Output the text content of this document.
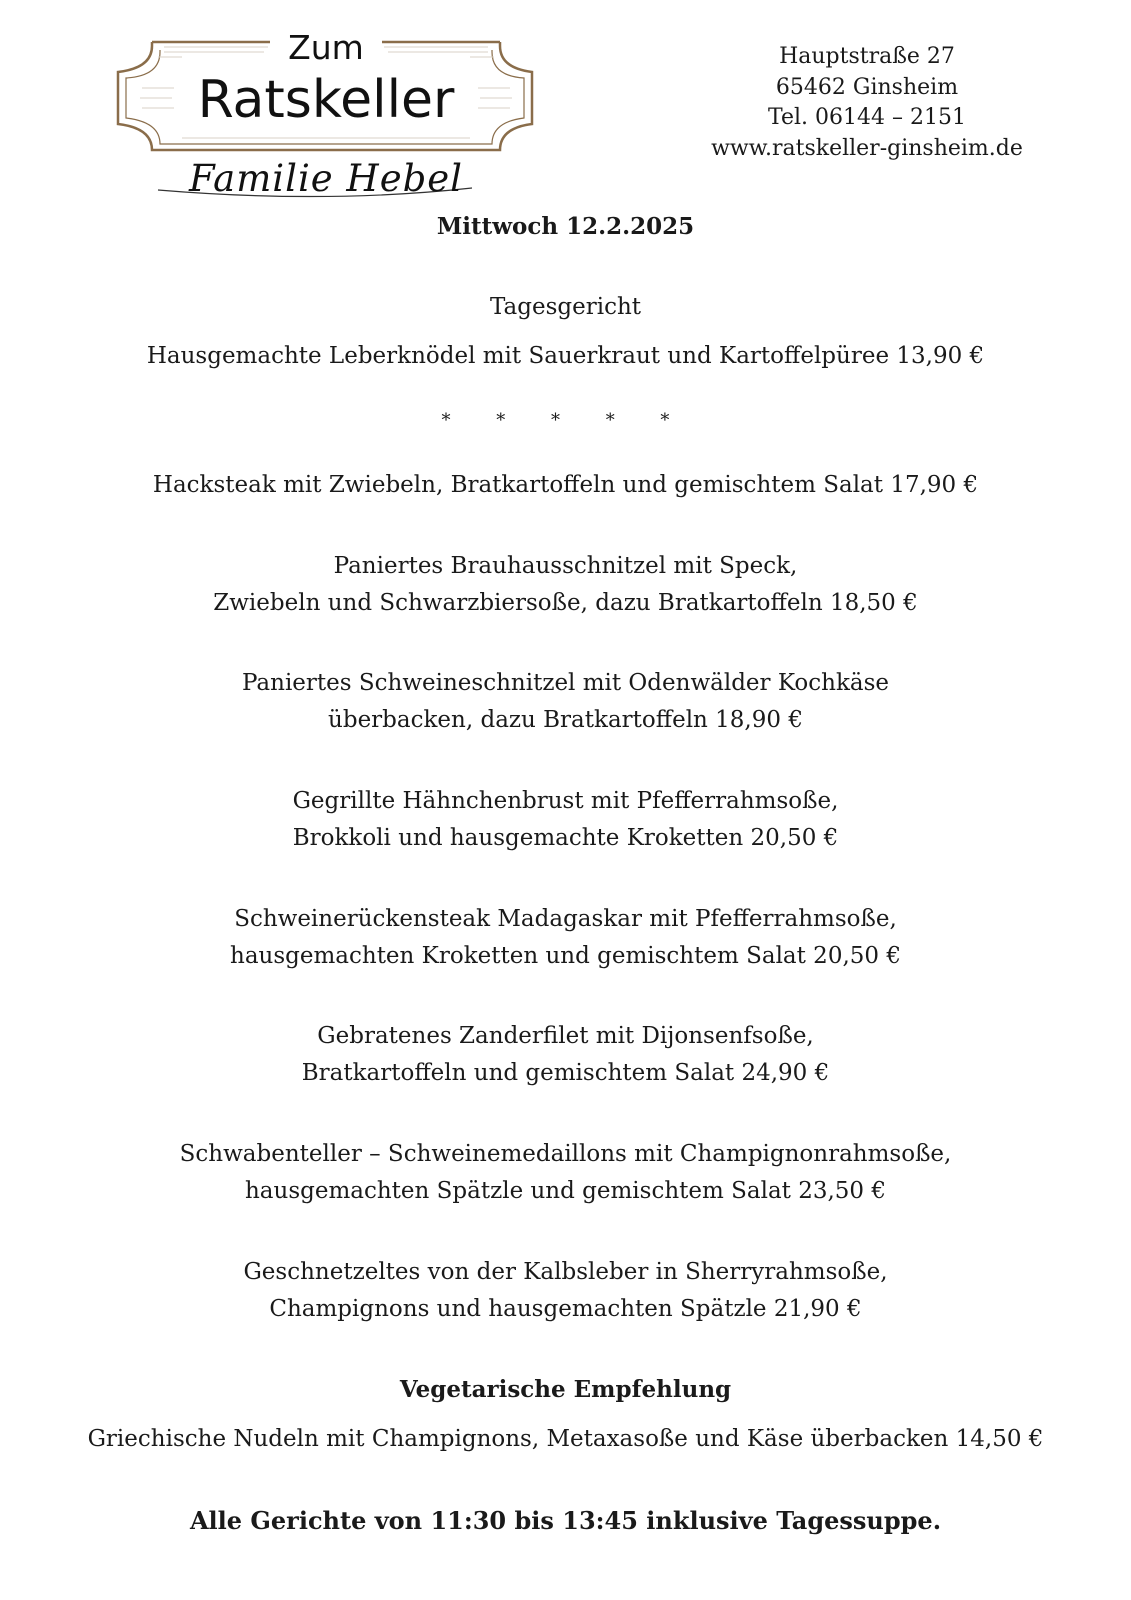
Zum
Ratskeller
Familie Hebel
Hauptstraße 27
65462 Ginsheim
Tel. 06144 – 2151
www.ratskeller-ginsheim.de
Mittwoch 12.2.2025
Tagesgericht
Hausgemachte Leberknödel mit Sauerkraut und Kartoffelpüree 13,90 €
* * * * *
Hacksteak mit Zwiebeln, Bratkartoffeln und gemischtem Salat 17,90 €
Paniertes Brauhausschnitzel mit Speck,
Zwiebeln und Schwarzbiersoße, dazu Bratkartoffeln 18,50 €
Paniertes Schweineschnitzel mit Odenwälder Kochkäse
überbacken, dazu Bratkartoffeln 18,90 €
Gegrillte Hähnchenbrust mit Pfefferrahmsoße,
Brokkoli und hausgemachte Kroketten 20,50 €
Schweinerückensteak Madagaskar mit Pfefferrahmsoße,
hausgemachten Kroketten und gemischtem Salat 20,50 €
Gebratenes Zanderfilet mit Dijonsenfsoße,
Bratkartoffeln und gemischtem Salat 24,90 €
Schwabenteller – Schweinemedaillons mit Champignonrahmsoße,
hausgemachten Spätzle und gemischtem Salat 23,50 €
Geschnetzeltes von der Kalbsleber in Sherryrahmsoße,
Champignons und hausgemachten Spätzle 21,90 €
Vegetarische Empfehlung
Griechische Nudeln mit Champignons, Metaxasoße und Käse überbacken 14,50 €
Alle Gerichte von 11:30 bis 13:45 inklusive Tagessuppe.
